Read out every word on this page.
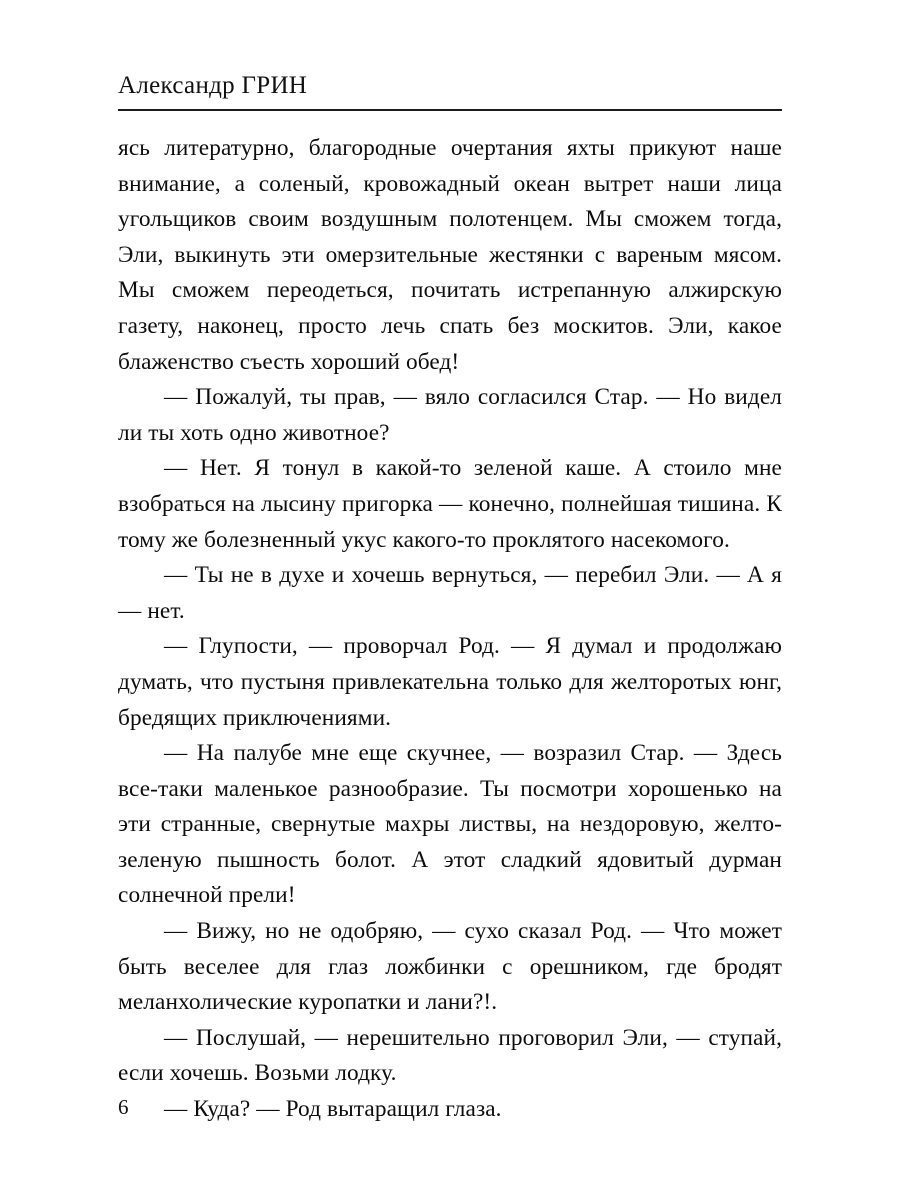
Александр ГРИН

ясь литературно, благородные очертания яхты прикуют наше внимание, а соленый, кровожадный океан вытрет наши лица угольщиков своим воздушным полотенцем. Мы сможем тогда, Эли, выкинуть эти омерзительные жестянки с вареным мясом. Мы сможем переодеться, почитать истрепанную алжирскую газету, наконец, просто лечь спать без москитов. Эли, какое блаженство съесть хороший обед!

— Пожалуй, ты прав, — вяло согласился Стар. — Но видел ли ты хоть одно животное?

— Нет. Я тонул в какой-то зеленой каше. А стоило мне взобраться на лысину пригорка — конечно, полнейшая тишина. К тому же болезненный укус какого-то проклятого насекомого.

— Ты не в духе и хочешь вернуться, — перебил Эли. — А я — нет.

— Глупости, — проворчал Род. — Я думал и продолжаю думать, что пустыня привлекательна только для желторотых юнг, бредящих приключениями.

— На палубе мне еще скучнее, — возразил Стар. — Здесь все-таки маленькое разнообразие. Ты посмотри хорошенько на эти странные, свернутые махры листвы, на нездоровую, желто-зеленую пышность болот. А этот сладкий ядовитый дурман солнечной прели!

— Вижу, но не одобряю, — сухо сказал Род. — Что может быть веселее для глаз ложбинки с орешником, где бродят меланхолические куропатки и лани?!.

— Послушай, — нерешительно проговорил Эли, — ступай, если хочешь. Возьми лодку.

— Куда? — Род вытаращил глаза.

6
